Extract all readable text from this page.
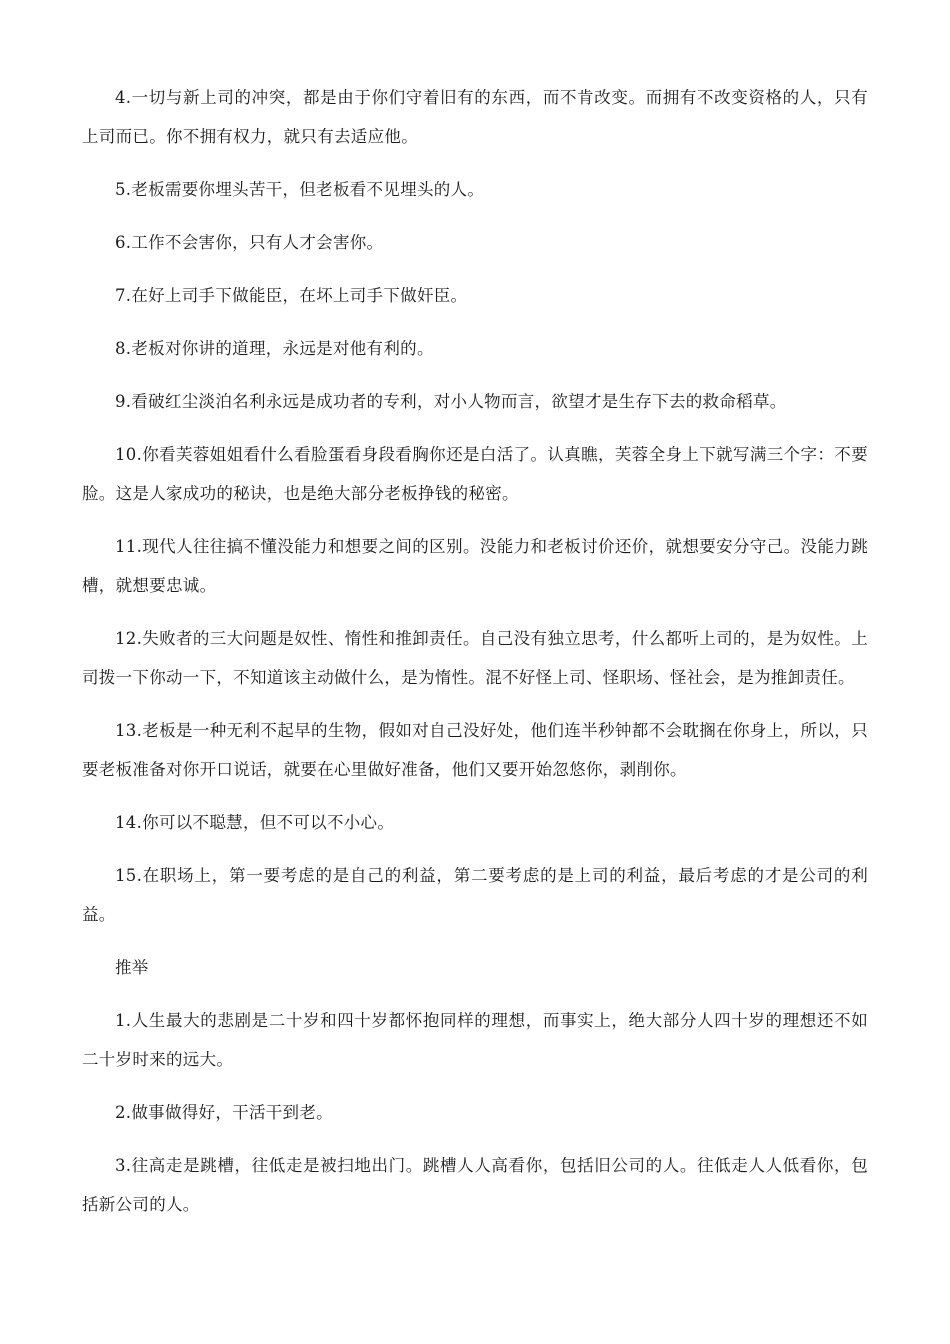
4.一切与新上司的冲突，都是由于你们守着旧有的东西，而不肯改变。而拥有不改变资格的人，只有上司而已。你不拥有权力，就只有去适应他。

5.老板需要你埋头苦干，但老板看不见埋头的人。

6.工作不会害你，只有人才会害你。

7.在好上司手下做能臣，在坏上司手下做奸臣。

8.老板对你讲的道理，永远是对他有利的。

9.看破红尘淡泊名利永远是成功者的专利，对小人物而言，欲望才是生存下去的救命稻草。

10.你看芙蓉姐姐看什么看脸蛋看身段看胸你还是白活了。认真瞧，芙蓉全身上下就写满三个字：不要脸。这是人家成功的秘诀，也是绝大部分老板挣钱的秘密。

11.现代人往往搞不懂没能力和想要之间的区别。没能力和老板讨价还价，就想要安分守己。没能力跳槽，就想要忠诚。

12.失败者的三大问题是奴性、惰性和推卸责任。自己没有独立思考，什么都听上司的，是为奴性。上司拨一下你动一下，不知道该主动做什么，是为惰性。混不好怪上司、怪职场、怪社会，是为推卸责任。

13.老板是一种无利不起早的生物，假如对自己没好处，他们连半秒钟都不会耽搁在你身上，所以，只要老板准备对你开口说话，就要在心里做好准备，他们又要开始忽悠你，剥削你。

14.你可以不聪慧，但不可以不小心。

15.在职场上，第一要考虑的是自己的利益，第二要考虑的是上司的利益，最后考虑的才是公司的利益。

推举

1.人生最大的悲剧是二十岁和四十岁都怀抱同样的理想，而事实上，绝大部分人四十岁的理想还不如二十岁时来的远大。

2.做事做得好，干活干到老。

3.往高走是跳槽，往低走是被扫地出门。跳槽人人高看你，包括旧公司的人。往低走人人低看你，包括新公司的人。
